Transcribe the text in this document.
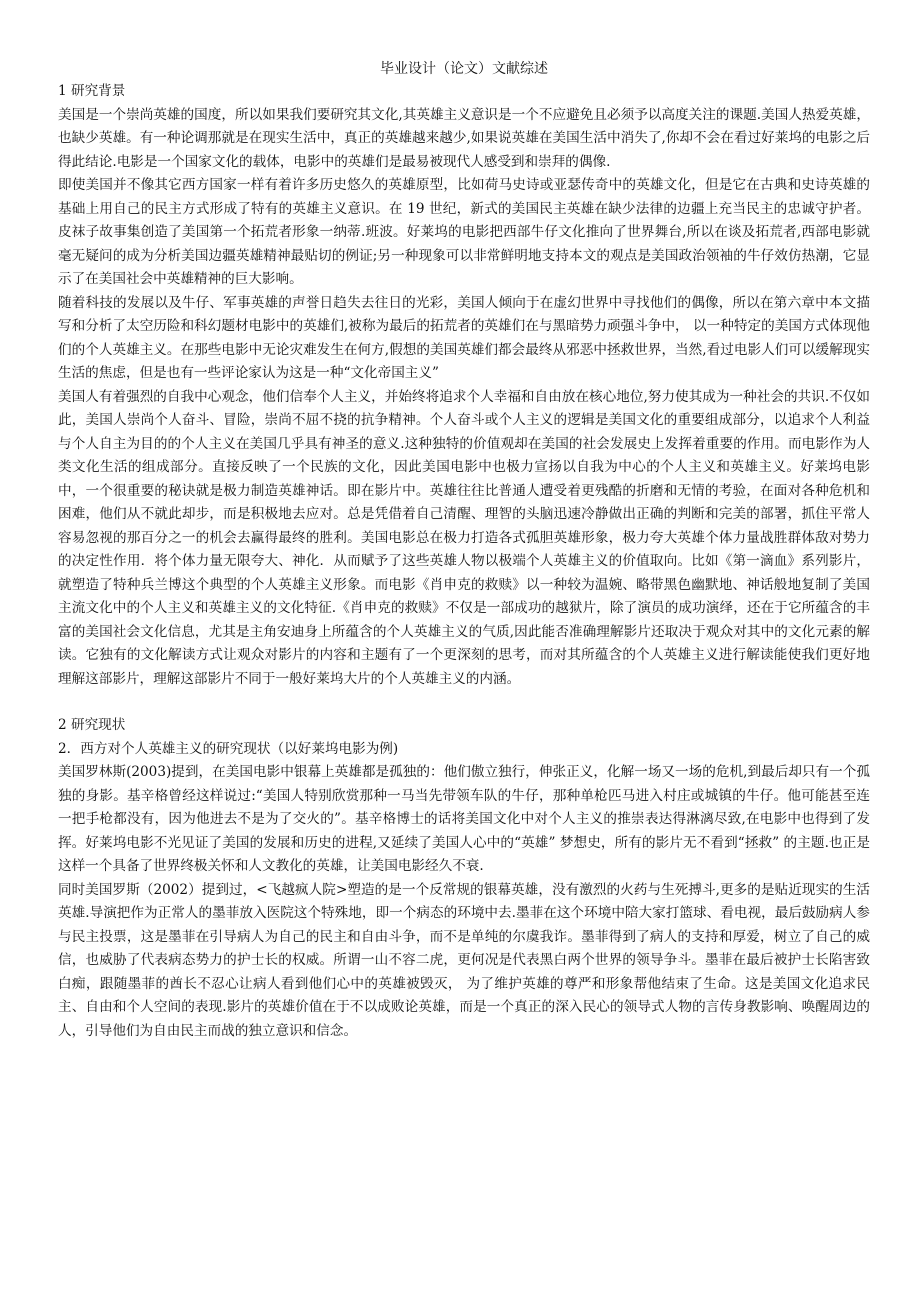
毕业设计（论文）文献综述
1 研究背景

美国是一个崇尚英雄的国度，所以如果我们要研究其文化,其英雄主义意识是一个不应避免且必须予以高度关注的课题.美国人热爱英雄，也缺少英雄。有一种论调那就是在现实生活中，真正的英雄越来越少,如果说英雄在美国生活中消失了,你却不会在看过好莱坞的电影之后得此结论.电影是一个国家文化的载体，电影中的英雄们是最易被现代人感受到和崇拜的偶像.

即使美国并不像其它西方国家一样有着许多历史悠久的英雄原型，比如荷马史诗或亚瑟传奇中的英雄文化，但是它在古典和史诗英雄的基础上用自己的民主方式形成了特有的英雄主义意识。在 19 世纪，新式的美国民主英雄在缺少法律的边疆上充当民主的忠诚守护者。皮袜子故事集创造了美国第一个拓荒者形象一纳蒂.班波。好莱坞的电影把西部牛仔文化推向了世界舞台,所以在谈及拓荒者,西部电影就毫无疑问的成为分析美国边疆英雄精神最贴切的例证;另一种现象可以非常鲜明地支持本文的观点是美国政治领袖的牛仔效仿热潮，它显示了在美国社会中英雄精神的巨大影响。

随着科技的发展以及牛仔、军事英雄的声誉日趋失去往日的光彩，美国人倾向于在虚幻世界中寻找他们的偶像，所以在第六章中本文描写和分析了太空历险和科幻题材电影中的英雄们,被称为最后的拓荒者的英雄们在与黑暗势力顽强斗争中， 以一种特定的美国方式体现他们的个人英雄主义。在那些电影中无论灾难发生在何方,假想的美国英雄们都会最终从邪恶中拯救世界，当然,看过电影人们可以缓解现实生活的焦虑，但是也有一些评论家认为这是一种“文化帝国主义”

美国人有着强烈的自我中心观念，他们信奉个人主义，并始终将追求个人幸福和自由放在核心地位,努力使其成为一种社会的共识.不仅如此，美国人崇尚个人奋斗、冒险，崇尚不屈不挠的抗争精神。个人奋斗或个人主义的逻辑是美国文化的重要组成部分，以追求个人利益与个人自主为目的的个人主义在美国几乎具有神圣的意义.这种独特的价值观却在美国的社会发展史上发挥着重要的作用。而电影作为人类文化生活的组成部分。直接反映了一个民族的文化，因此美国电影中也极力宣扬以自我为中心的个人主义和英雄主义。好莱坞电影中，一个很重要的秘诀就是极力制造英雄神话。即在影片中。英雄往往比普通人遭受着更残酷的折磨和无情的考验，在面对各种危机和困难，他们从不就此却步，而是积极地去应对。总是凭借着自己清醒、理智的头脑迅速冷静做出正确的判断和完美的部署，抓住平常人容易忽视的那百分之一的机会去赢得最终的胜利。美国电影总在极力打造各式孤胆英雄形象，极力夸大英雄个体力量战胜群体敌对势力的决定性作用．将个体力量无限夸大、神化．从而赋予了这些英雄人物以极端个人英雄主义的价值取向。比如《第一滴血》系列影片，就塑造了特种兵兰博这个典型的个人英雄主义形象。而电影《肖申克的救赎》以一种较为温婉、略带黑色幽默地、神话般地复制了美国主流文化中的个人主义和英雄主义的文化特征.《肖申克的救赎》不仅是一部成功的越狱片，除了演员的成功演绎，还在于它所蕴含的丰富的美国社会文化信息，尤其是主角安迪身上所蕴含的个人英雄主义的气质,因此能否准确理解影片还取决于观众对其中的文化元素的解读。它独有的文化解读方式让观众对影片的内容和主题有了一个更深刻的思考，而对其所蕴含的个人英雄主义进行解读能使我们更好地理解这部影片，理解这部影片不同于一般好莱坞大片的个人英雄主义的内涵。

2 研究现状
2．西方对个人英雄主义的研究现状（以好莱坞电影为例)

美国罗林斯(2003)提到，在美国电影中银幕上英雄都是孤独的：他们傲立独行，伸张正义，化解一场又一场的危机,到最后却只有一个孤独的身影。基辛格曾经这样说过:“美国人特别欣赏那种一马当先带领车队的牛仔，那种单枪匹马进入村庄或城镇的牛仔。他可能甚至连一把手枪都没有，因为他进去不是为了交火的”。基辛格博士的话将美国文化中对个人主义的推崇表达得淋漓尽致,在电影中也得到了发挥。好莱坞电影不光见证了美国的发展和历史的进程,又延续了美国人心中的“英雄” 梦想史，所有的影片无不看到“拯救” 的主题.也正是这样一个具备了世界终极关怀和人文教化的英雄，让美国电影经久不衰.

同时美国罗斯（2002）提到过，<飞越疯人院>塑造的是一个反常规的银幕英雄，没有激烈的火药与生死搏斗,更多的是贴近现实的生活英雄.导演把作为正常人的墨菲放入医院这个特殊地，即一个病态的环境中去.墨菲在这个环境中陪大家打篮球、看电视，最后鼓励病人参与民主投票，这是墨菲在引导病人为自己的民主和自由斗争，而不是单纯的尔虞我诈。墨菲得到了病人的支持和厚爱，树立了自己的威信，也威胁了代表病态势力的护士长的权威。所谓一山不容二虎，更何况是代表黑白两个世界的领导争斗。墨菲在最后被护士长陷害致白痴，跟随墨菲的酋长不忍心让病人看到他们心中的英雄被毁灭， 为了维护英雄的尊严和形象帮他结束了生命。这是美国文化追求民主、自由和个人空间的表现.影片的英雄价值在于不以成败论英雄，而是一个真正的深入民心的领导式人物的言传身教影响、唤醒周边的人，引导他们为自由民主而战的独立意识和信念。
